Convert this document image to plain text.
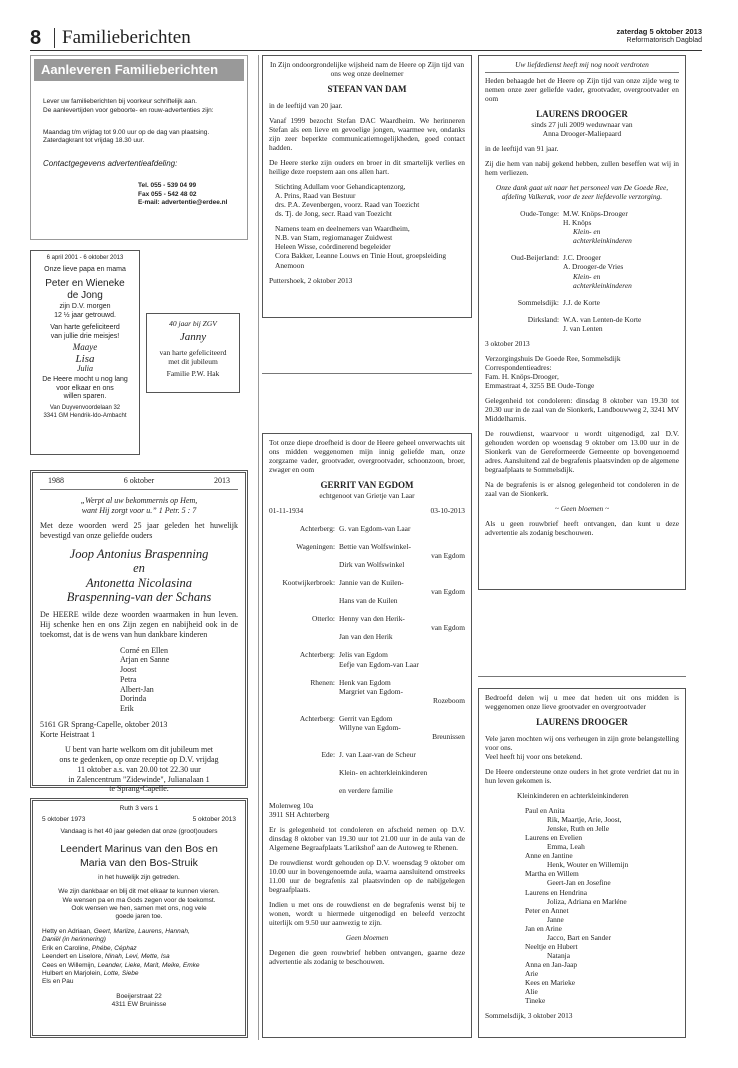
8 Familieberichten	zaterdag 5 oktober 2013
Reformatorisch Dagblad
Aanleveren Familieberichten

Lever uw familieberichten bij voorkeur schriftelijk aan.

De aanlevertijden voor geboorte- en rouw-advertenties zijn:

Maandag t/m vrijdag tot 9.00 uur op de dag van plaatsing.

Zaterdagkrant tot vrijdag 18.30 uur.

Contactgegevens advertentieafdeling:

Tel. 055 - 539 04 99

Fax 055 - 542 48 02

E-mail: advertentie@erdee.nl

6 april 2001 - 6 oktober 2013

Onze lieve papa en mama

Peter en Wieneke

de Jong

zijn D.V. morgen

12 ½ jaar getrouwd.

Van harte gefeliciteerd

van jullie drie meisjes!

Maaye

Lisa

Julia

De Heere mocht u nog lang

voor elkaar en ons

willen sparen.

Van Duyvenvoordelaan 32

3341 GM Hendrik-Ido-Ambacht

40 jaar bij ZGV

Janny

van harte gefeliciteerd

met dit jubileum

Familie P.W. Hak

1988	6 oktober	2013

„Werpt al uw bekommernis op Hem,

want Hij zorgt voor u.” 1 Petr. 5 : 7

Met deze woorden werd 25 jaar geleden het huwelijk bevestigd van onze geliefde ouders

Joop Antonius Braspenning

en

Antonetta Nicolasina

Braspenning-van der Schans

De HEERE wilde deze woorden waarmaken in hun leven. Hij schenke hen en ons Zijn zegen en nabijheid ook in de toekomst, dat is de wens van hun dankbare kinderen

Corné en Ellen

Arjan en Sanne

Joost

Petra

Albert-Jan

Dorinda

Erik

5161 GR Sprang-Capelle, oktober 2013

Korte Heistraat 1

U bent van harte welkom om dit jubileum met

ons te gedenken, op onze receptie op D.V. vrijdag

11 oktober a.s. van 20.00 tot 22.30 uur

in Zalencentrum "Zidewinde", Julianalaan 1

te Sprang-Capelle.

Ruth 3 vers 1

5 oktober 1973	5 oktober 2013

Vandaag is het 40 jaar geleden dat onze (groot)ouders

Leendert Marinus van den Bos en

Maria van den Bos-Struik

in het huwelijk zijn getreden.

We zijn dankbaar en blij dit met elkaar te kunnen vieren.

We wensen pa en ma Gods zegen voor de toekomst.

Ook wensen we hen, samen met ons, nog vele

goede jaren toe.

Hetty en Adriaan, Geert, Marlize, Laurens, Hannah,

Daniël (in herinnering)

Erik en Caroline, Phébe, Céphaz

Leendert en Liselore, Ninah, Levi, Mette, Isa

Cees en Willemijn, Leander, Lieke, Marit, Meike, Emke

Hulbert en Marjolein, Lotte, Siebe

Els en Pau

Boeijerstraat 22

4311 EW Bruinisse

In Zijn ondoorgrondelijke wijsheid nam de Heere op Zijn tijd van ons weg onze deelnemer

STEFAN VAN DAM

in de leeftijd van 20 jaar.

Vanaf 1999 bezocht Stefan DAC Waardheim. We herinneren Stefan als een lieve en gevoelige jongen, waarmee we, ondanks zijn zeer beperkte communicatiemogelijkheden, goed contact hadden.

De Heere sterke zijn ouders en broer in dit smartelijk verlies en heilige deze roepstem aan ons allen hart.

Stichting Adullam voor Gehandicaptenzorg,

A. Prins, Raad van Bestuur

drs. P.A. Zevenbergen, voorz. Raad van Toezicht

ds. Tj. de Jong, secr. Raad van Toezicht

Namens team en deelnemers van Waardheim,

N.B. van Stam, regiomanager Zuidwest

Heleen Wisse, coördinerend begeleider

Cora Bakker, Leanne Louws en Tinie Hout, groepsleiding Anemoon

Puttershoek, 2 oktober 2013

Tot onze diepe droefheid is door de Heere geheel onverwachts uit ons midden weggenomen mijn innig geliefde man, onze zorgzame vader, grootvader, overgrootvader, schoonzoon, broer, zwager en oom

GERRIT VAN EGDOM

echtgenoot van Grietje van Laar

01-11-1934	03-10-2013
Achterberg: G. van Egdom-van Laar

Wageningen: Bettie van Wolfswinkel-

van Egdom

Dirk van Wolfswinkel

Kootwijkerbroek: Jannie van de Kuilen-

van Egdom

Hans van de Kuilen

Otterlo: Henny van den Herik-

van Egdom

Jan van den Herik

Achterberg: Jelis van Egdom

Eefje van Egdom-van Laar

Rhenen: Henk van Egdom

Margriet van Egdom-

Rozeboom

Achterberg: Gerrit van Egdom

Willyne van Egdom-

Breunissen

Ede: J. van Laar-van de Scheur

Klein- en achterkleinkinderen

en verdere familie

Molenweg 10a

3911 SH Achterberg

Er is gelegenheid tot condoleren en afscheid nemen op D.V. dinsdag 8 oktober van 19.30 uur tot 21.00 uur in de aula van de Algemene Begraafplaats 'Larikshof' aan de Autoweg te Rhenen.

De rouwdienst wordt gehouden op D.V. woensdag 9 oktober om 10.00 uur in bovengenoemde aula, waarna aansluitend omstreeks 11.00 uur de begrafenis zal plaatsvinden op de nabijgelegen begraafplaats.

Indien u met ons de rouwdienst en de begrafenis wenst bij te wonen, wordt u hiermede uitgenodigd en beleefd verzocht uiterlijk om 9.50 uur aanwezig te zijn.

Geen bloemen

Degenen die geen rouwbrief hebben ontvangen, gaarne deze advertentie als zodanig te beschouwen.

Uw liefdedienst heeft mij nog nooit verdroten

Heden behaagde het de Heere op Zijn tijd van onze zijde weg te nemen onze zeer geliefde vader, grootvader, overgrootvader en oom

LAURENS DROOGER

sinds 27 juli 2009 weduwnaar van

Anna Drooger-Maliepaard

in de leeftijd van 91 jaar.

Zij die hem van nabij gekend hebben, zullen beseffen wat wij in hem verliezen.

Onze dank gaat uit naar het personeel van De Goede Ree, afdeling Valkerak, voor de zeer liefdevolle verzorging.

Oude-Tonge: M.W. Knöps-Drooger

H. Knöps

Klein- en

achterkleinkinderen

Oud-Beijerland: J.C. Drooger

A. Drooger-de Vries

Klein- en

achterkleinkinderen

Sommelsdijk: J.J. de Korte

Dirksland: W.A. van Lenten-de Korte

J. van Lenten

3 oktober 2013

Verzorgingshuis De Goede Ree, Sommelsdijk

Correspondentieadres:

Fam. H. Knöps-Drooger,

Emmastraat 4, 3255 BE Oude-Tonge

Gelegenheid tot condoleren: dinsdag 8 oktober van 19.30 tot 20.30 uur in de zaal van de Sionkerk, Landbouwweg 2, 3241 MV Middelharnis.

De rouwdienst, waarvoor u wordt uitgenodigd, zal D.V. gehouden worden op woensdag 9 oktober om 13.00 uur in de Sionkerk van de Gereformeerde Gemeente op bovengenoemd adres. Aansluitend zal de begrafenis plaatsvinden op de algemene begraafplaats te Sommelsdijk.

Na de begrafenis is er alsnog gelegenheid tot condoleren in de zaal van de Sionkerk.

~ Geen bloemen ~

Als u geen rouwbrief heeft ontvangen, dan kunt u deze advertentie als zodanig beschouwen.

Bedroefd delen wij u mee dat heden uit ons midden is weggenomen onze lieve grootvader en overgrootvader

LAURENS DROOGER

Vele jaren mochten wij ons verheugen in zijn grote belangstelling voor ons.

Veel heeft hij voor ons betekend.

De Heere ondersteune onze ouders in het grote verdriet dat nu in hun leven gekomen is.

Kleinkinderen en achterkleinkinderen

Paul en Anita

Rik, Maartje, Arie, Joost,

Jenske, Ruth en Jelle

Laurens en Evelien

Emma, Leah

Anne en Jantine

Henk, Wouter en Willemijn

Martha en Willem

Geert-Jan en Josefine

Laurens en Hendrina

Joliza, Adriana en Marléne

Peter en Annet

Janne

Jan en Arine

Jacco, Bart en Sander

Neeltje en Hubert

Natanja

Anna en Jan-Jaap

Arie

Kees en Marieke

Alie

Tineke

Sommelsdijk, 3 oktober 2013
